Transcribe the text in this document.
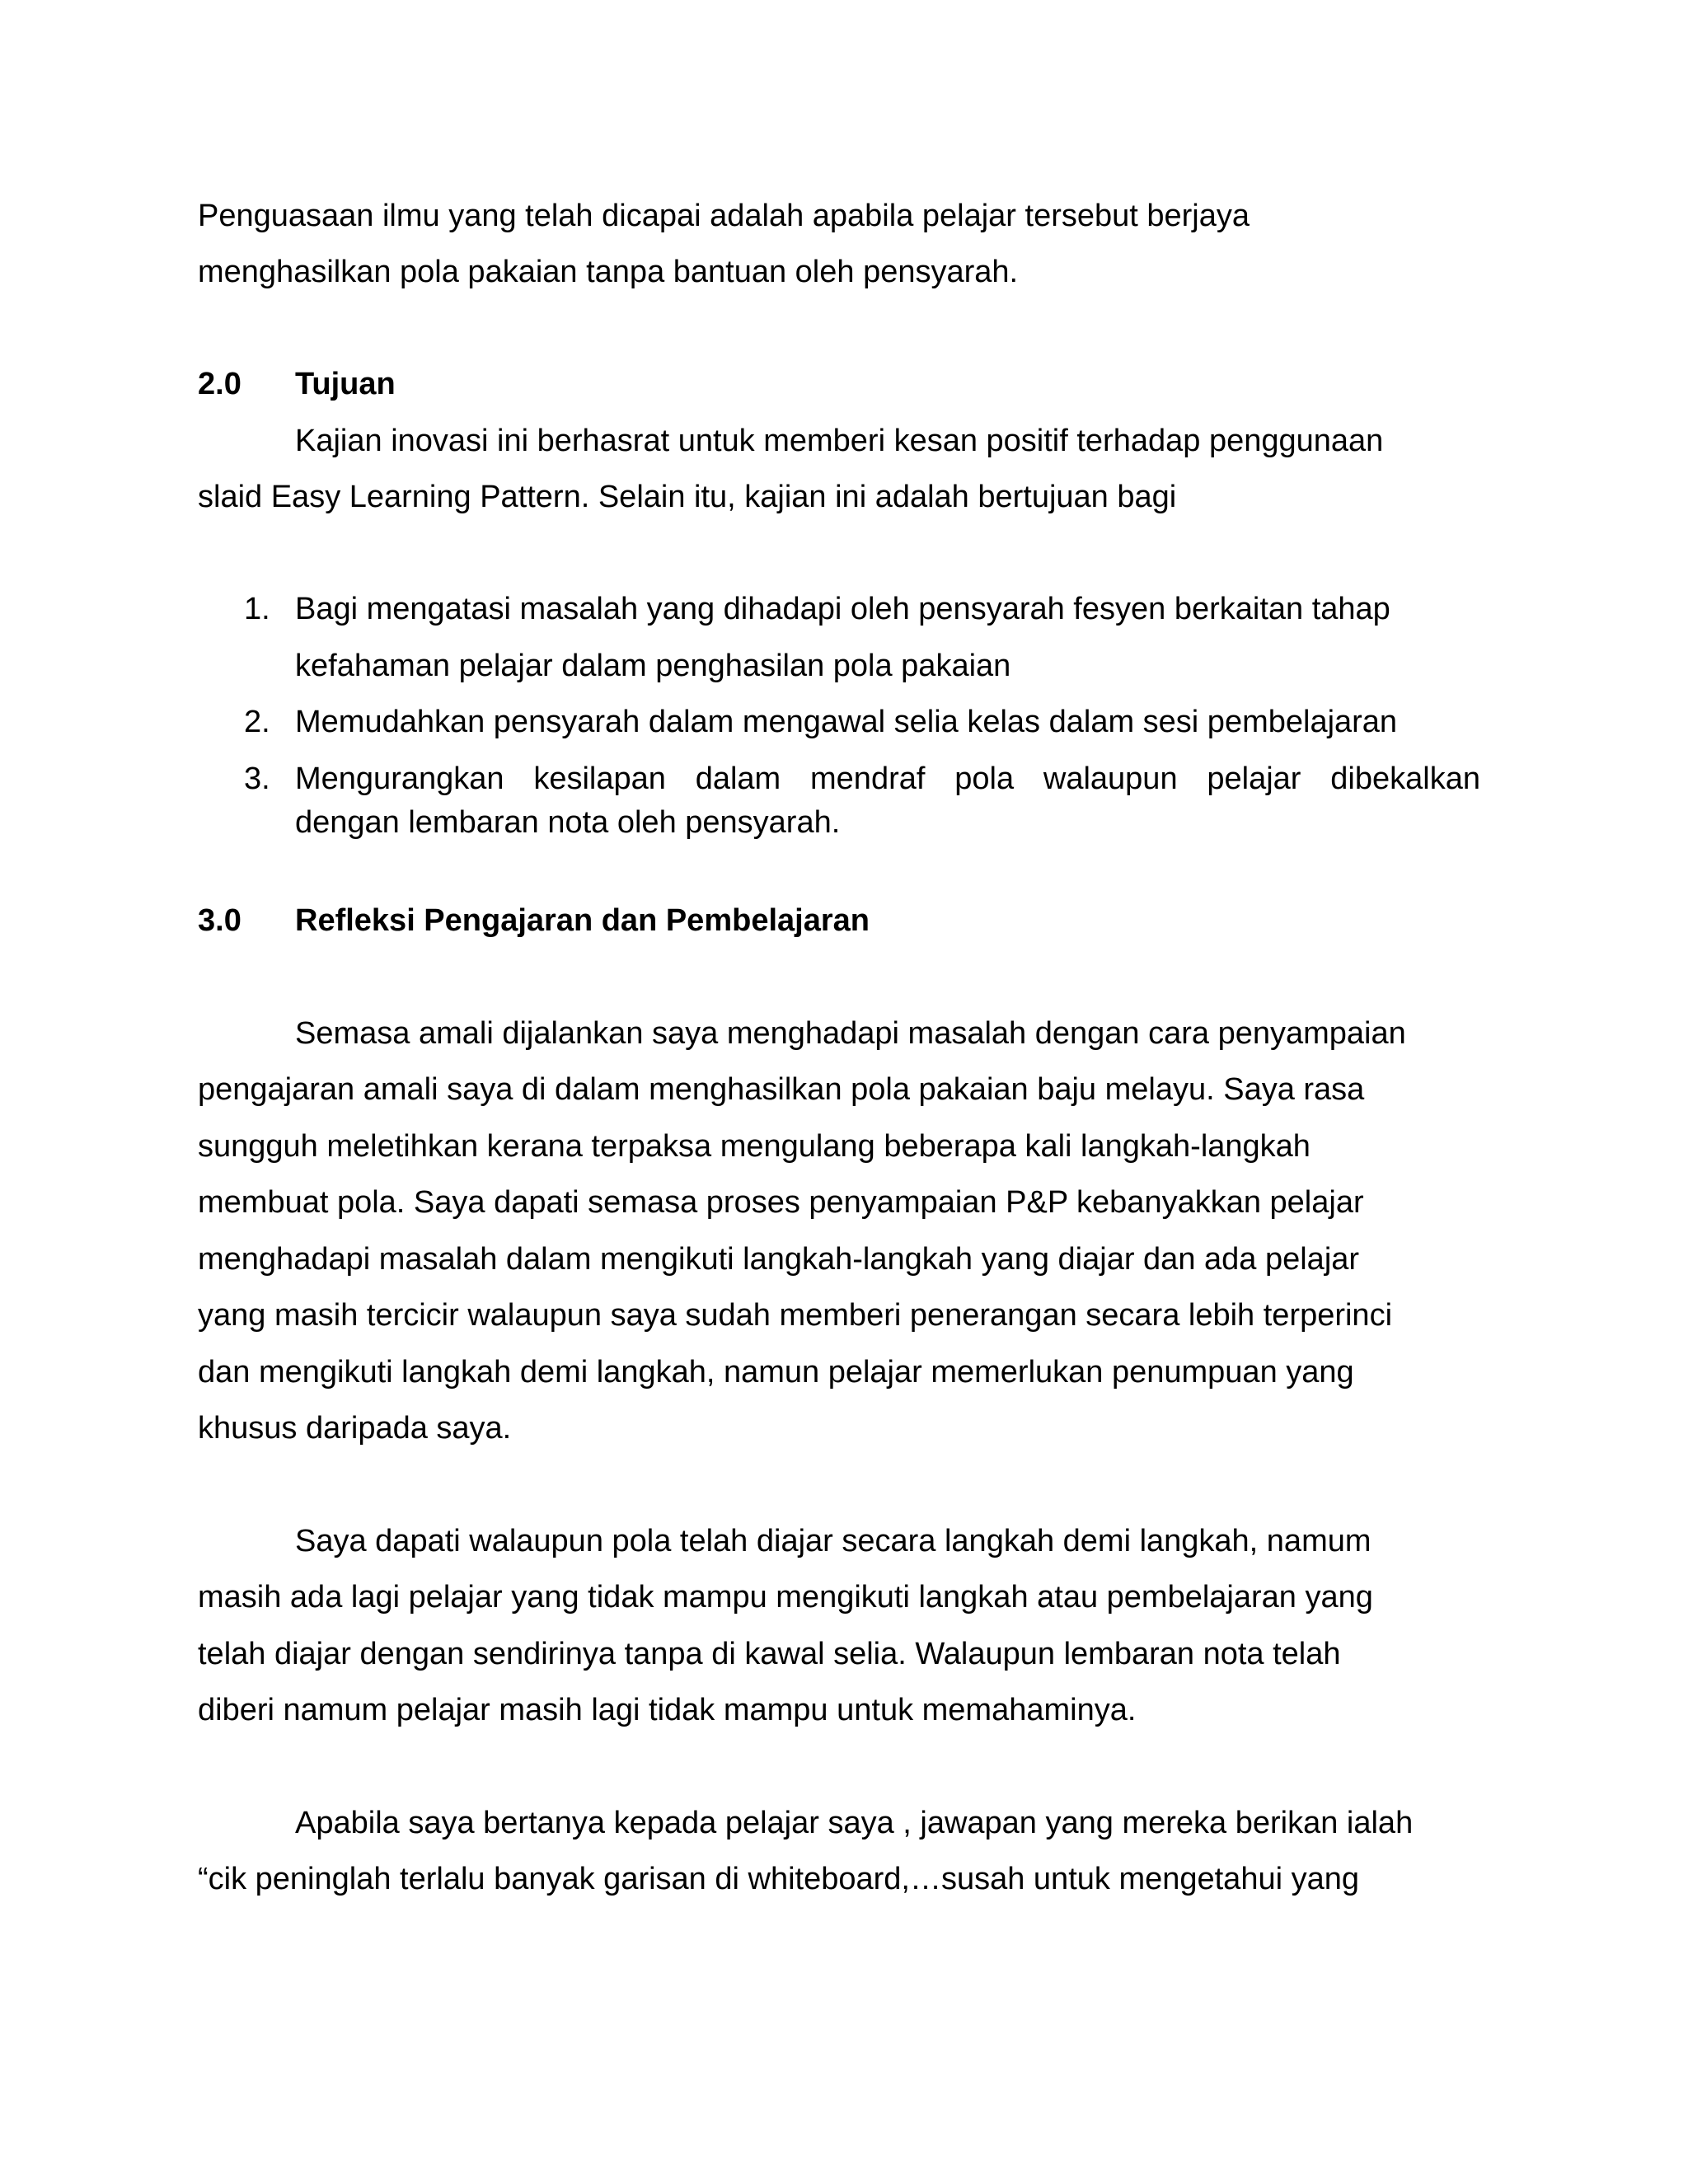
Penguasaan ilmu yang telah dicapai adalah apabila pelajar tersebut berjaya
menghasilkan pola pakaian tanpa bantuan oleh pensyarah.
2.0 Tujuan
Kajian inovasi ini berhasrat untuk memberi kesan positif terhadap penggunaan
slaid Easy Learning Pattern. Selain itu, kajian ini adalah bertujuan bagi
1. Bagi mengatasi masalah yang dihadapi oleh pensyarah fesyen berkaitan tahap
kefahaman pelajar dalam penghasilan pola pakaian
2. Memudahkan pensyarah dalam mengawal selia kelas dalam sesi pembelajaran
3. Mengurangkan kesilapan dalam mendraf pola walaupun pelajar dibekalkan
dengan lembaran nota oleh pensyarah.
3.0 Refleksi Pengajaran dan Pembelajaran
Semasa amali dijalankan saya menghadapi masalah dengan cara penyampaian
pengajaran amali saya di dalam menghasilkan pola pakaian baju melayu. Saya rasa
sungguh meletihkan kerana terpaksa mengulang beberapa kali langkah-langkah
membuat pola. Saya dapati semasa proses penyampaian P&P kebanyakkan pelajar
menghadapi masalah dalam mengikuti langkah-langkah yang diajar dan ada pelajar
yang masih tercicir walaupun saya sudah memberi penerangan secara lebih terperinci
dan mengikuti langkah demi langkah, namun pelajar memerlukan penumpuan yang
khusus daripada saya.
Saya dapati walaupun pola telah diajar secara langkah demi langkah, namum
masih ada lagi pelajar yang tidak mampu mengikuti langkah atau pembelajaran yang
telah diajar dengan sendirinya tanpa di kawal selia. Walaupun lembaran nota telah
diberi namum pelajar masih lagi tidak mampu untuk memahaminya.
Apabila saya bertanya kepada pelajar saya , jawapan yang mereka berikan ialah
“cik peninglah terlalu banyak garisan di whiteboard,…susah untuk mengetahui yang
